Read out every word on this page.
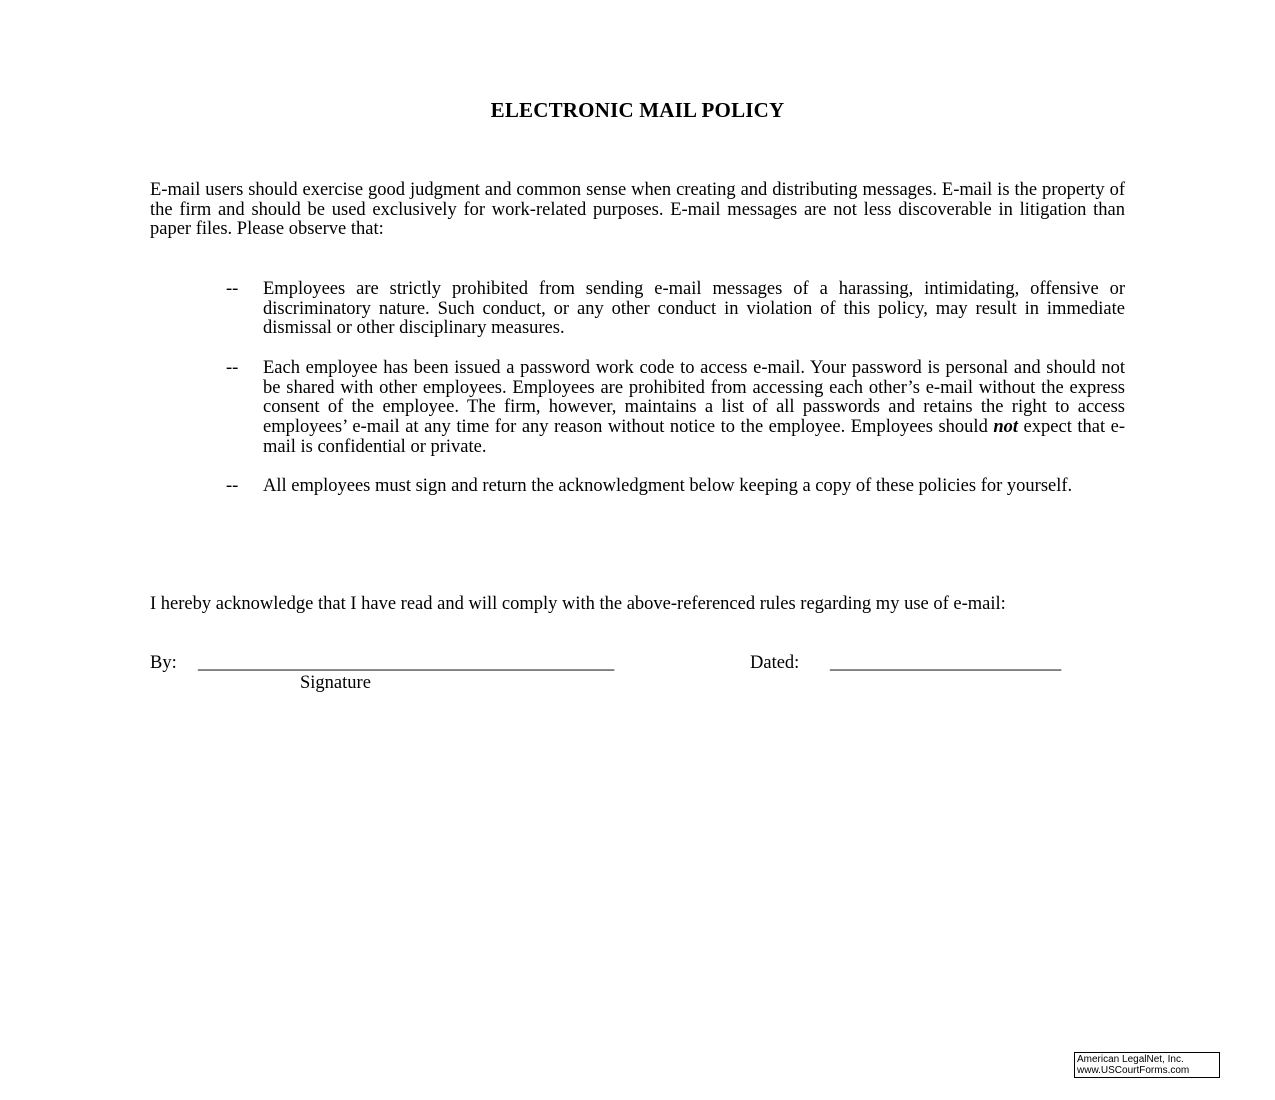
ELECTRONIC MAIL POLICY

E-mail users should exercise good judgment and common sense when creating and distributing messages. E-mail is the property of the firm and should be used exclusively for work-related purposes. E-mail messages are not less discoverable in litigation than paper files. Please observe that:

-- Employees are strictly prohibited from sending e-mail messages of a harassing, intimidating, offensive or discriminatory nature. Such conduct, or any other conduct in violation of this policy, may result in immediate dismissal or other disciplinary measures.
-- Each employee has been issued a password work code to access e-mail. Your password is personal and should not be shared with other employees. Employees are prohibited from accessing each other’s e-mail without the express consent of the employee. The firm, however, maintains a list of all passwords and retains the right to access employees’ e-mail at any time for any reason without notice to the employee. Employees should not expect that e-mail is confidential or private.
-- All employees must sign and return the acknowledgment below keeping a copy of these policies for yourself.

I hereby acknowledge that I have read and will comply with the above-referenced rules regarding my use of e-mail:

By: _____________________________________________	Dated: _________________________
Signature
American LegalNet, Inc.
www.USCourtForms.com
